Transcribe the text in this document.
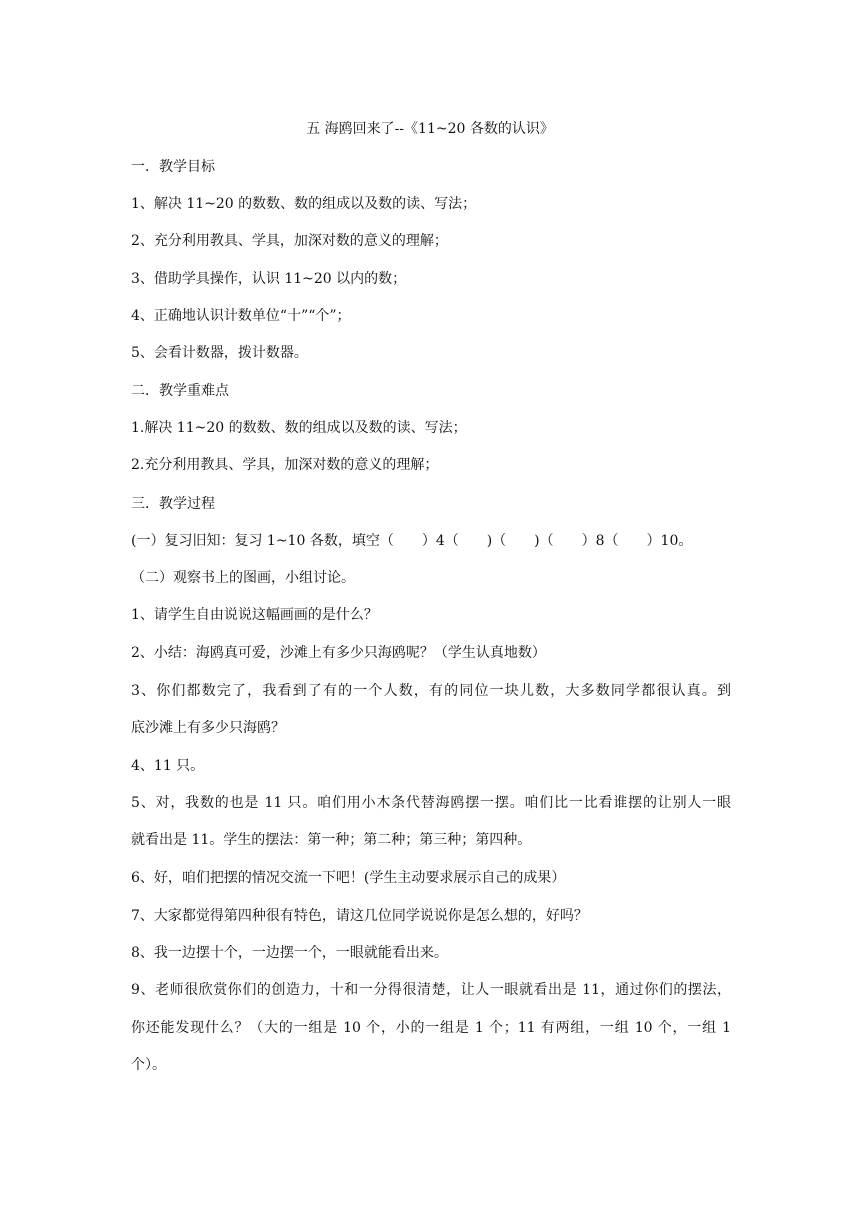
五 海鸥回来了--《11~20 各数的认识》
一．教学目标
1、解决 11~20 的数数、数的组成以及数的读、写法；
2、充分利用教具、学具，加深对数的意义的理解；
3、借助学具操作，认识 11~20 以内的数；
4、正确地认识计数单位“十”“个”；
5、会看计数器，拨计数器。
二．教学重难点
1.解决 11~20 的数数、数的组成以及数的读、写法；
2.充分利用教具、学具，加深对数的意义的理解；
三．教学过程
(一）复习旧知：复习 1~10 各数，填空（　　）4（　　)（　　)（　　）8（　　）10。
（二）观察书上的图画，小组讨论。
1、请学生自由说说这幅画画的是什么？
2、小结：海鸥真可爱，沙滩上有多少只海鸥呢？（学生认真地数）
3、你们都数完了，我看到了有的一个人数，有的同位一块儿数，大多数同学都很认真。到
底沙滩上有多少只海鸥？
4、11 只。
5、对，我数的也是 11 只。咱们用小木条代替海鸥摆一摆。咱们比一比看谁摆的让别人一眼
就看出是 11。学生的摆法：第一种；第二种；第三种；第四种。
6、好，咱们把摆的情况交流一下吧！(学生主动要求展示自己的成果）
7、大家都觉得第四种很有特色，请这几位同学说说你是怎么想的，好吗？
8、我一边摆十个，一边摆一个，一眼就能看出来。
9、老师很欣赏你们的创造力，十和一分得很清楚，让人一眼就看出是 11，通过你们的摆法，
你还能发现什么？（大的一组是 10 个，小的一组是 1 个；11 有两组，一组 10 个，一组 1
个）。
